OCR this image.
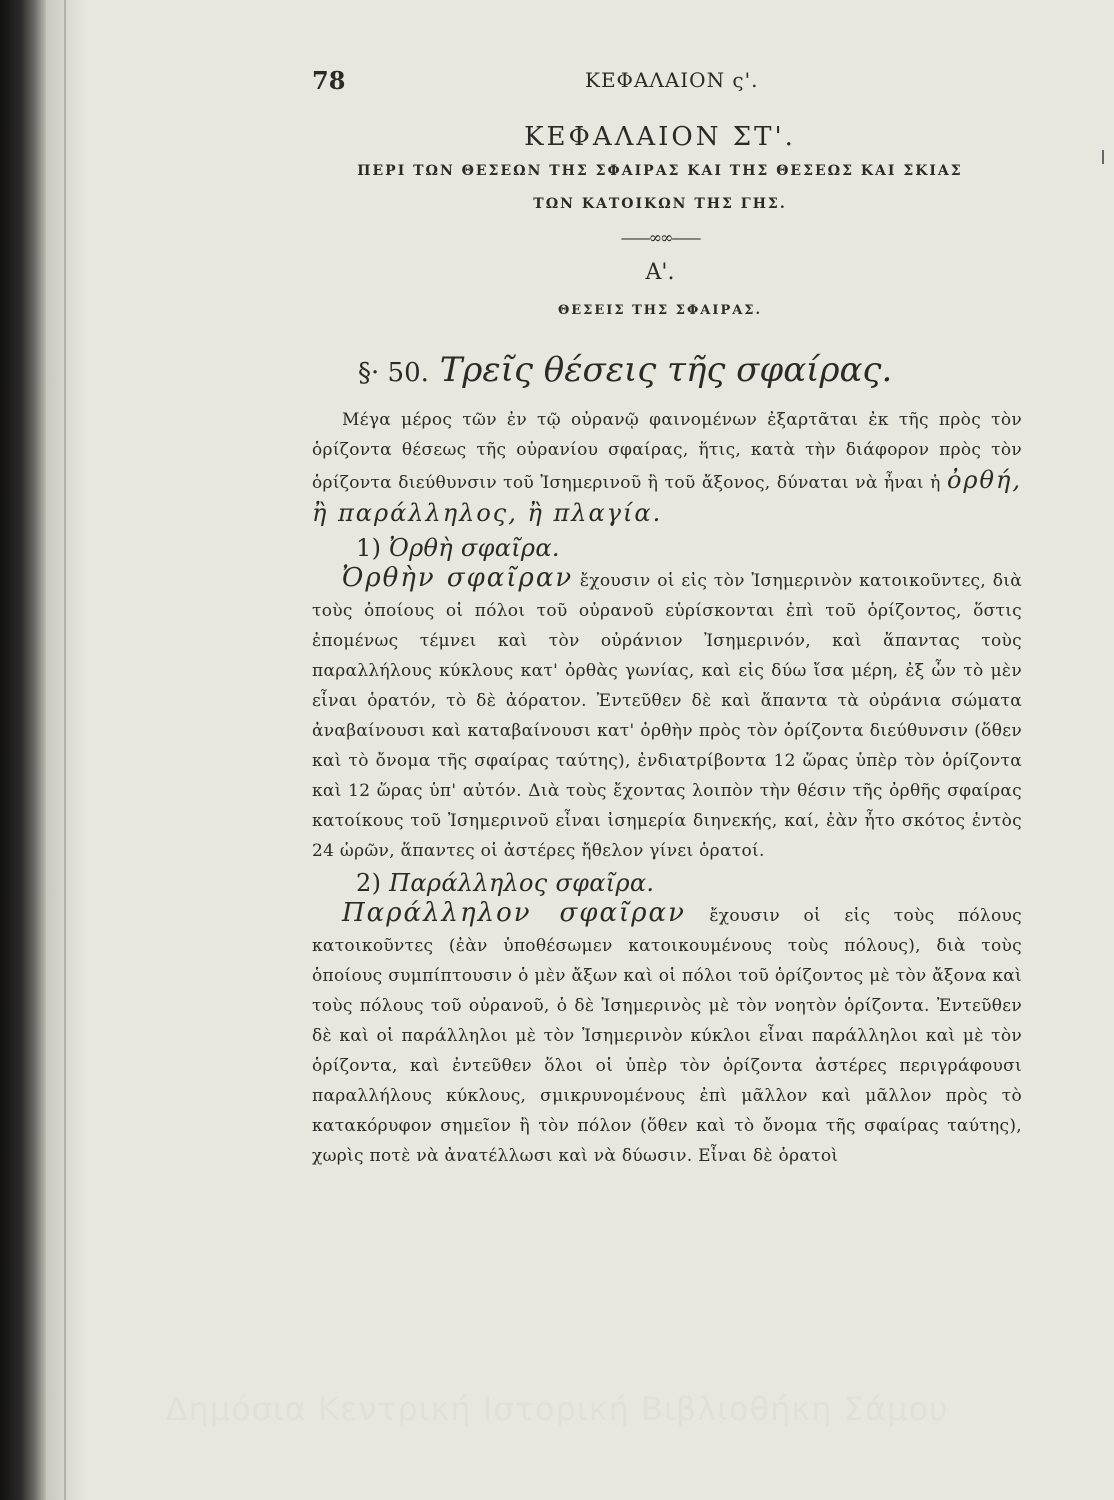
78	ΚΕΦΑΛΑΙΟΝ ς'.
ΚΕΦΑΛΑΙΟΝ ΣΤ'.
ΠΕΡΙ ΤΩΝ ΘΕΣΕΩΝ ΤΗΣ ΣΦΑΙΡΑΣ ΚΑΙ ΤΗΣ ΘΕΣΕΩΣ ΚΑΙ ΣΚΙΑΣ
ΤΩΝ ΚΑΤΟΙΚΩΝ ΤΗΣ ΓΗΣ.
——∞∞——
Α'.
ΘΕΣΕΙΣ ΤΗΣ ΣΦΑΙΡΑΣ.
§· 50. Τρεῖς θέσεις τῆς σφαίρας.

Μέγα μέρος τῶν ἐν τῷ οὐρανῷ φαινομένων ἐξαρτᾶται ἐκ τῆς πρὸς τὸν ὁρίζοντα θέσεως τῆς οὐρανίου σφαίρας, ἥτις, κατὰ τὴν διάφορον πρὸς τὸν ὁρίζοντα διεύθυνσιν τοῦ Ἰσημερινοῦ ἢ τοῦ ἄξονος, δύναται νὰ ἦναι ἡ ὀρθή, ἢ παράλληλος, ἢ πλαγία.

1) Ὀρθὴ σφαῖρα.

Ὀρθὴν σφαῖραν ἔχουσιν οἱ εἰς τὸν Ἰσημερινὸν κατοικοῦντες, διὰ τοὺς ὁποίους οἱ πόλοι τοῦ οὐρανοῦ εὑρίσκονται ἐπὶ τοῦ ὁρίζοντος, ὅστις ἐπομένως τέμνει καὶ τὸν οὐράνιον Ἰσημερινόν, καὶ ἅπαντας τοὺς παραλλήλους κύκλους κατ' ὀρθὰς γωνίας, καὶ εἰς δύω ἴσα μέρη, ἐξ ὧν τὸ μὲν εἶναι ὁρατόν, τὸ δὲ ἀόρατον. Ἐντεῦθεν δὲ καὶ ἅπαντα τὰ οὐράνια σώματα ἀναβαίνουσι καὶ καταβαίνουσι κατ' ὀρθὴν πρὸς τὸν ὁρίζοντα διεύθυνσιν (ὅθεν καὶ τὸ ὄνομα τῆς σφαίρας ταύτης), ἐνδιατρίβοντα 12 ὥρας ὑπὲρ τὸν ὁρίζοντα καὶ 12 ὥρας ὑπ' αὐτόν. Διὰ τοὺς ἔχοντας λοιπὸν τὴν θέσιν τῆς ὀρθῆς σφαίρας κατοίκους τοῦ Ἰσημερινοῦ εἶναι ἰσημερία διηνεκής, καί, ἐὰν ἦτο σκότος ἐντὸς 24 ὡρῶν, ἅπαντες οἱ ἀστέρες ἤθελον γίνει ὁρατοί.

2) Παράλληλος σφαῖρα.

Παράλληλον σφαῖραν ἔχουσιν οἱ εἰς τοὺς πόλους κατοικοῦντες (ἐὰν ὑποθέσωμεν κατοικουμένους τοὺς πόλους), διὰ τοὺς ὁποίους συμπίπτουσιν ὁ μὲν ἄξων καὶ οἱ πόλοι τοῦ ὁρίζοντος μὲ τὸν ἄξονα καὶ τοὺς πόλους τοῦ οὐρανοῦ, ὁ δὲ Ἰσημερινὸς μὲ τὸν νοητὸν ὁρίζοντα. Ἐντεῦθεν δὲ καὶ οἱ παράλληλοι μὲ τὸν Ἰσημερινὸν κύκλοι εἶναι παράλληλοι καὶ μὲ τὸν ὁρίζοντα, καὶ ἐντεῦθεν ὅλοι οἱ ὑπὲρ τὸν ὁρίζοντα ἀστέρες περιγράφουσι παραλλήλους κύκλους, σμικρυνομένους ἐπὶ μᾶλλον καὶ μᾶλλον πρὸς τὸ κατακόρυφον σημεῖον ἢ τὸν πόλον (ὅθεν καὶ τὸ ὄνομα τῆς σφαίρας ταύτης), χωρὶς ποτὲ νὰ ἀνατέλλωσι καὶ νὰ δύωσιν. Εἶναι δὲ ὁρατοὶ

Δημόσια Κεντρική Ιστορική Βιβλιοθήκη Σάμου
